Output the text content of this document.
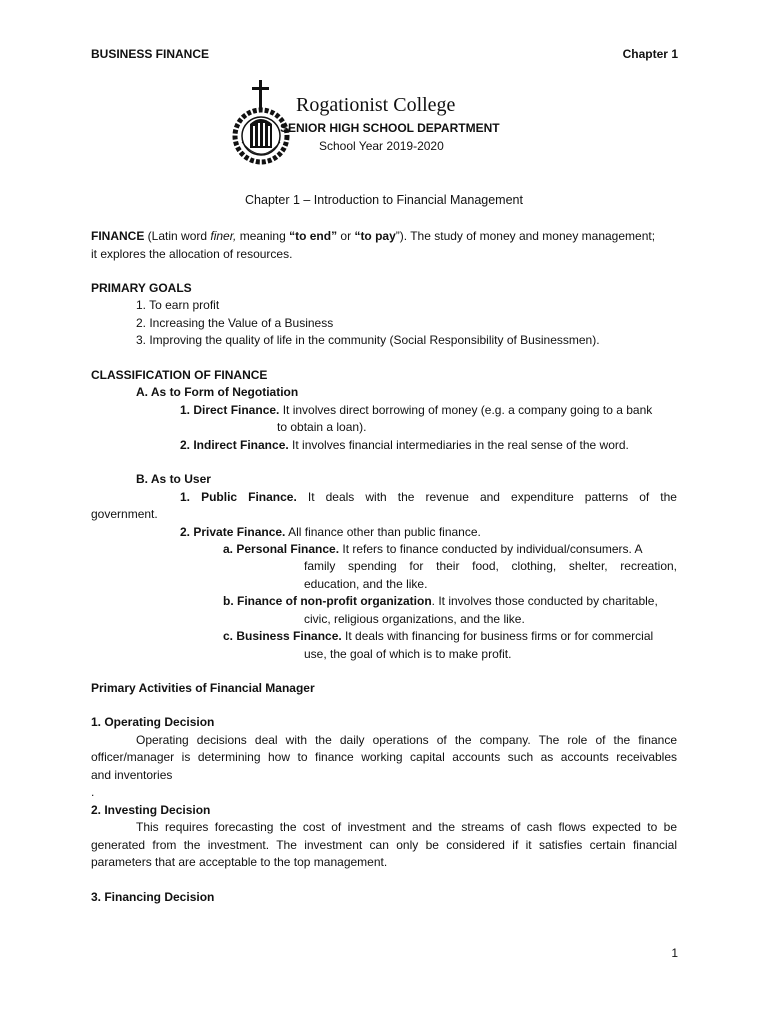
BUSINESS FINANCE	Chapter 1
Rogationist College
SENIOR HIGH SCHOOL DEPARTMENT
School Year 2019-2020
Chapter 1 – Introduction to Financial Management
FINANCE (Latin word finer, meaning “to end” or “to pay”). The study of money and money management;
it explores the allocation of resources.
PRIMARY GOALS
1. To earn profit
2. Increasing the Value of a Business
3. Improving the quality of life in the community (Social Responsibility of Businessmen).
CLASSIFICATION OF FINANCE
A. As to Form of Negotiation
1. Direct Finance. It involves direct borrowing of money (e.g. a company going to a bank
to obtain a loan).
2. Indirect Finance. It involves financial intermediaries in the real sense of the word.
B. As to User
1. Public Finance. It deals with the revenue and expenditure patterns of the
government.
2. Private Finance. All finance other than public finance.
a. Personal Finance. It refers to finance conducted by individual/consumers. A
family spending for their food, clothing, shelter, recreation,
education, and the like.
b. Finance of non-profit organization. It involves those conducted by charitable,
civic, religious organizations, and the like.
c. Business Finance. It deals with financing for business firms or for commercial
use, the goal of which is to make profit.
Primary Activities of Financial Manager
1. Operating Decision
Operating decisions deal with the daily operations of the company. The role of the finance
officer/manager is determining how to finance working capital accounts such as accounts receivables
and inventories
.
2. Investing Decision
This requires forecasting the cost of investment and the streams of cash flows expected to be
generated from the investment. The investment can only be considered if it satisfies certain financial
parameters that are acceptable to the top management.
3. Financing Decision
1
